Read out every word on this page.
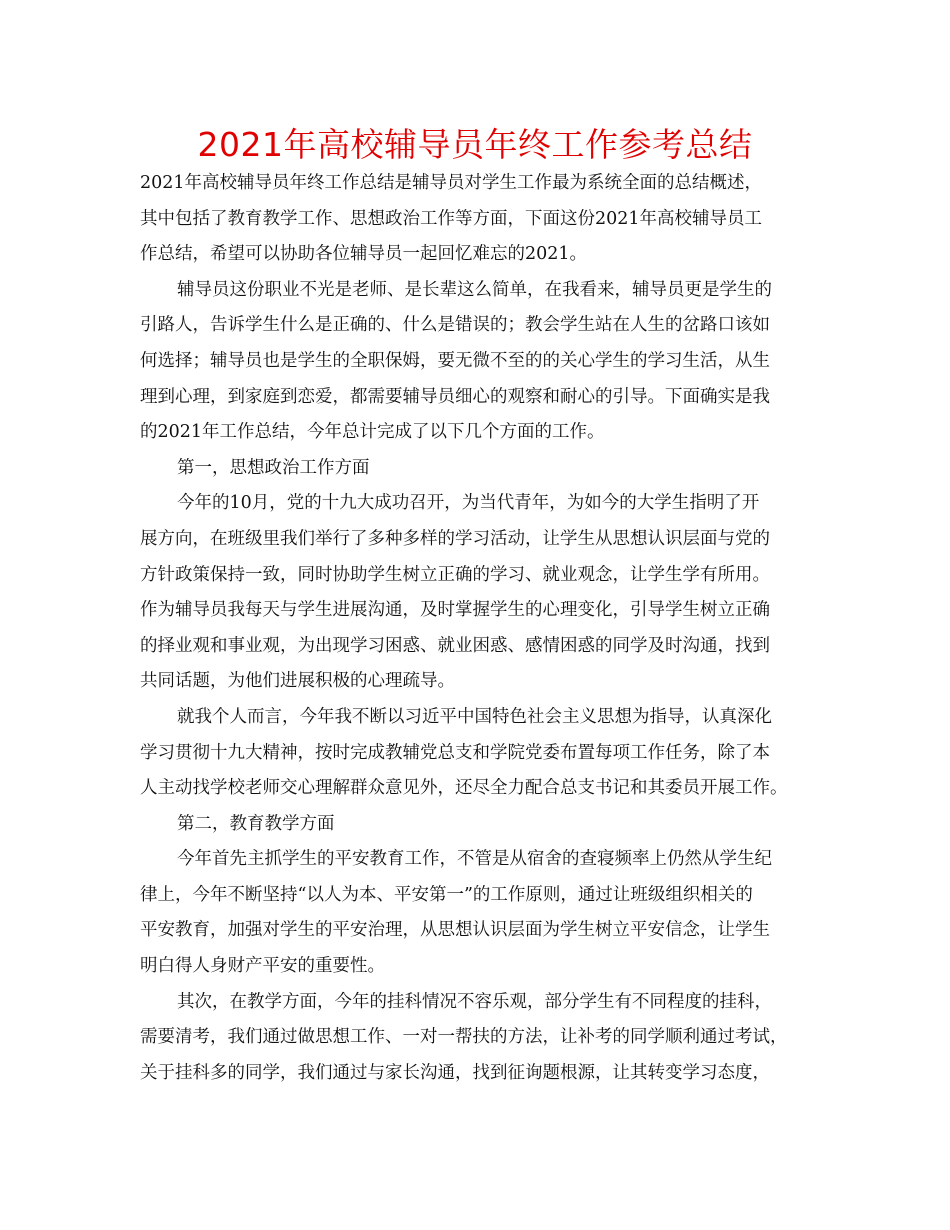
2021年高校辅导员年终工作参考总结
2021年高校辅导员年终工作总结是辅导员对学生工作最为系统全面的总结概述，
其中包括了教育教学工作、思想政治工作等方面，下面这份2021年高校辅导员工
作总结，希望可以协助各位辅导员一起回忆难忘的2021。
辅导员这份职业不光是老师、是长辈这么简单，在我看来，辅导员更是学生的
引路人，告诉学生什么是正确的、什么是错误的；教会学生站在人生的岔路口该如
何选择；辅导员也是学生的全职保姆，要无微不至的的关心学生的学习生活，从生
理到心理，到家庭到恋爱，都需要辅导员细心的观察和耐心的引导。下面确实是我
的2021年工作总结，今年总计完成了以下几个方面的工作。
第一，思想政治工作方面
今年的10月，党的十九大成功召开，为当代青年，为如今的大学生指明了开
展方向，在班级里我们举行了多种多样的学习活动，让学生从思想认识层面与党的
方针政策保持一致，同时协助学生树立正确的学习、就业观念，让学生学有所用。
作为辅导员我每天与学生进展沟通，及时掌握学生的心理变化，引导学生树立正确
的择业观和事业观，为出现学习困惑、就业困惑、感情困惑的同学及时沟通，找到
共同话题，为他们进展积极的心理疏导。
就我个人而言，今年我不断以习近平中国特色社会主义思想为指导，认真深化
学习贯彻十九大精神，按时完成教辅党总支和学院党委布置每项工作任务，除了本
人主动找学校老师交心理解群众意见外，还尽全力配合总支书记和其委员开展工作。
第二，教育教学方面
今年首先主抓学生的平安教育工作，不管是从宿舍的查寝频率上仍然从学生纪
律上，今年不断坚持“以人为本、平安第一”的工作原则，通过让班级组织相关的
平安教育，加强对学生的平安治理，从思想认识层面为学生树立平安信念，让学生
明白得人身财产平安的重要性。
其次，在教学方面，今年的挂科情况不容乐观，部分学生有不同程度的挂科，
需要清考，我们通过做思想工作、一对一帮扶的方法，让补考的同学顺利通过考试，
关于挂科多的同学，我们通过与家长沟通，找到征询题根源，让其转变学习态度，
